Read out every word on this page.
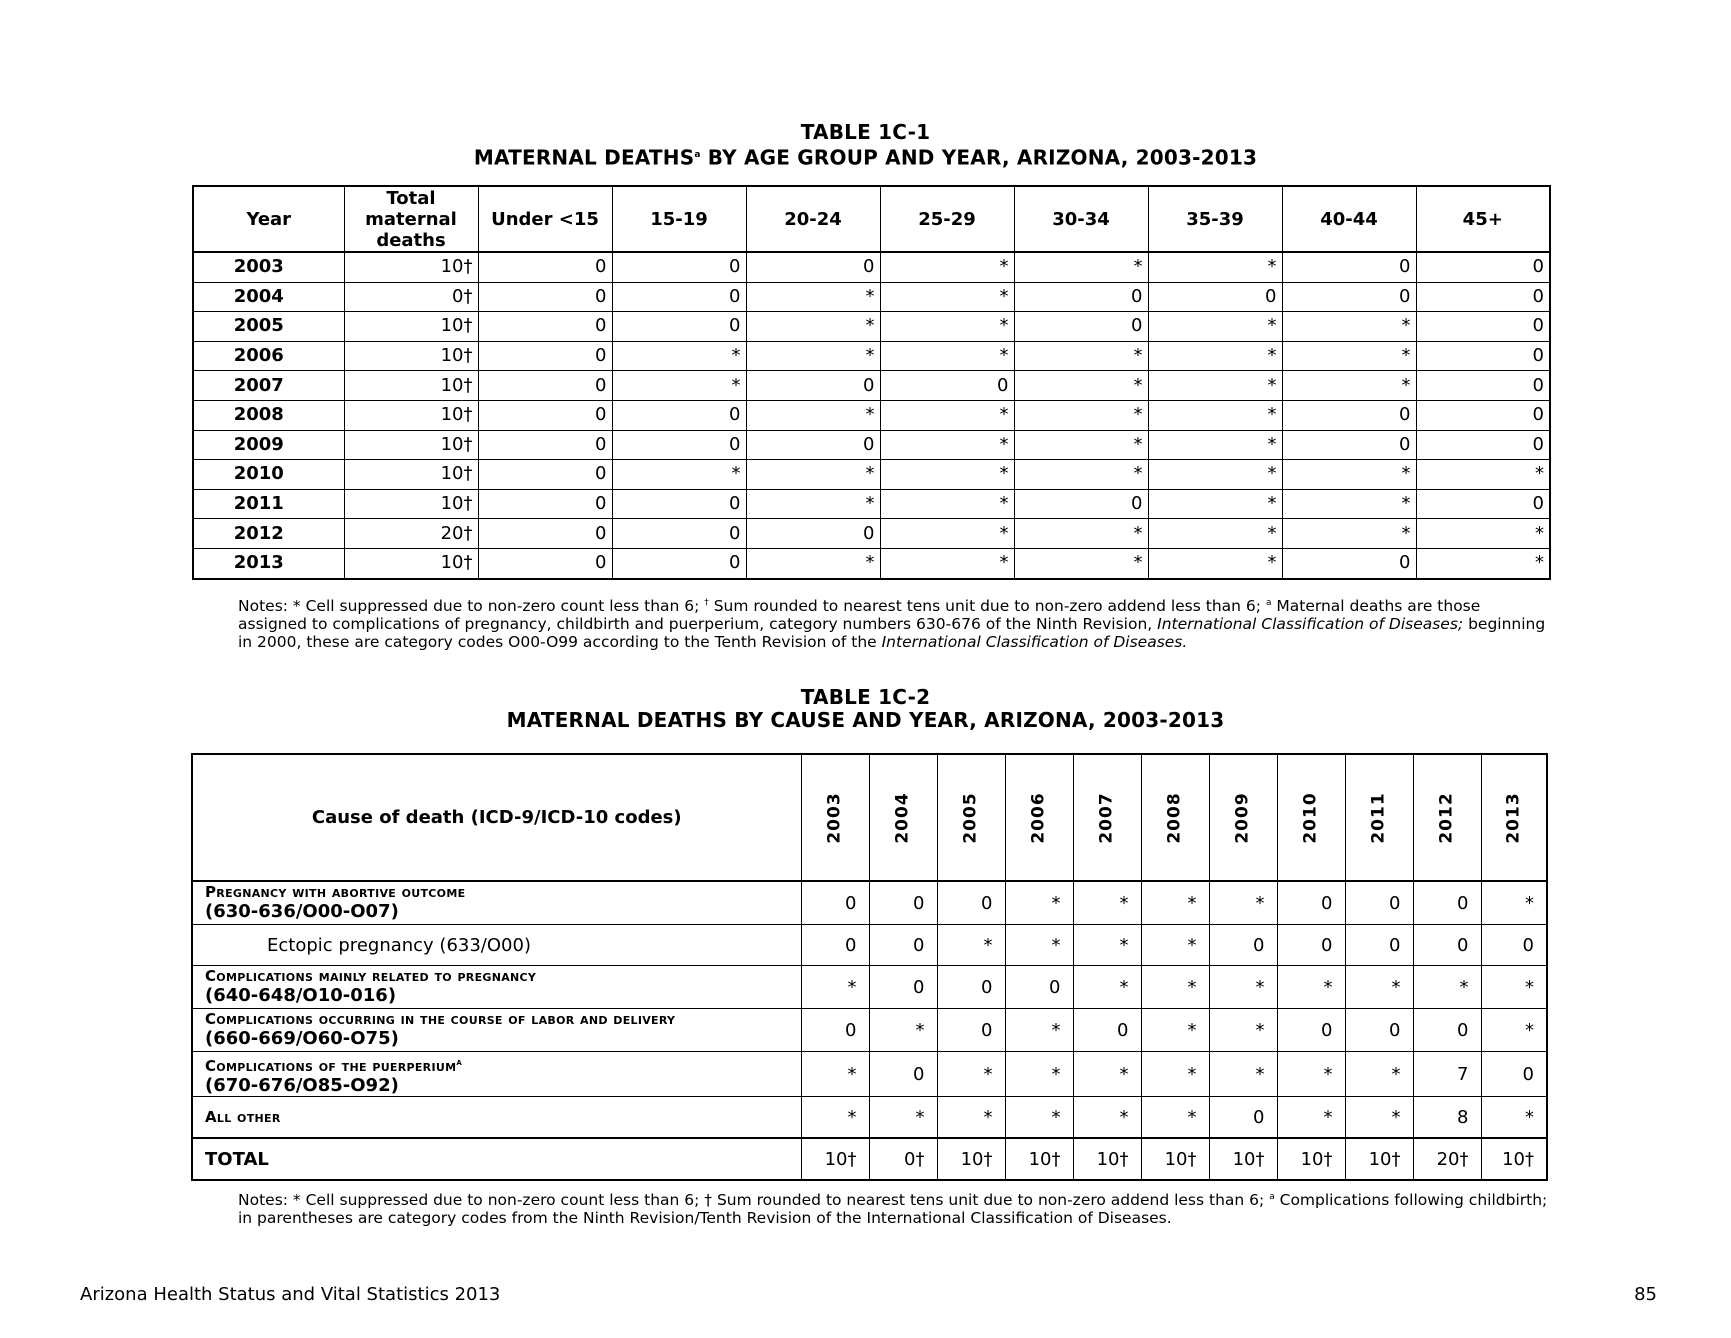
TABLE 1C-1
MATERNAL DEATHS$^a$ BY AGE GROUP AND YEAR, ARIZONA, 2003-2013
Year	Total maternal deaths	Under <15	15-19	20-24	25-29	30-34	35-39	40-44	45+
2003	10†	0	0	0	*	*	*	0	0
2004	0†	0	0	*	*	0	0	0	0
2005	10†	0	0	*	*	0	*	*	0
2006	10†	0	*	*	*	*	*	*	0
2007	10†	0	*	0	0	*	*	*	0
2008	10†	0	0	*	*	*	*	0	0
2009	10†	0	0	0	*	*	*	0	0
2010	10†	0	*	*	*	*	*	*	*
2011	10†	0	0	*	*	0	*	*	0
2012	20†	0	0	0	*	*	*	*	*
2013	10†	0	0	*	*	*	*	0	*
Notes: * Cell suppressed due to non-zero count less than 6; † Sum rounded to nearest tens unit due to non-zero addend less than 6; $^a$ Maternal deaths are those assigned to complications of pregnancy, childbirth and puerperium, category numbers 630-676 of the Ninth Revision, International Classification of Diseases; beginning in 2000, these are category codes O00-O99 according to the Tenth Revision of the International Classification of Diseases.
TABLE 1C-2
MATERNAL DEATHS BY CAUSE AND YEAR, ARIZONA, 2003-2013
Cause of death (ICD-9/ICD-10 codes)	2003	2004	2005	2006	2007	2008	2009	2010	2011	2012	2013

Pregnancy with abortive outcome
(630-636/O00-O07)	0	0	0	*	*	*	*	0	0	0	*

Ectopic pregnancy (633/O00)	0	0	*	*	*	*	0	0	0	0	0

Complications mainly related to pregnancy
(640-648/O10-016)	*	0	0	0	*	*	*	*	*	*	*

Complications occurring in the course of labor and delivery
(660-669/O60-O75)	0	*	0	*	0	*	*	0	0	0	*

Complications of the puerperium$^a$
(670-676/O85-O92)	*	0	*	*	*	*	*	*	*	7	0

All other	*	*	*	*	*	*	0	*	*	8	*
TOTAL	10†	0†	10†	10†	10†	10†	10†	10†	10†	20†	10†
Notes: * Cell suppressed due to non-zero count less than 6; † Sum rounded to nearest tens unit due to non-zero addend less than 6; $^a$ Complications following childbirth; in parentheses are category codes from the Ninth Revision/Tenth Revision of the International Classification of Diseases.
Arizona Health Status and Vital Statistics 2013	85
